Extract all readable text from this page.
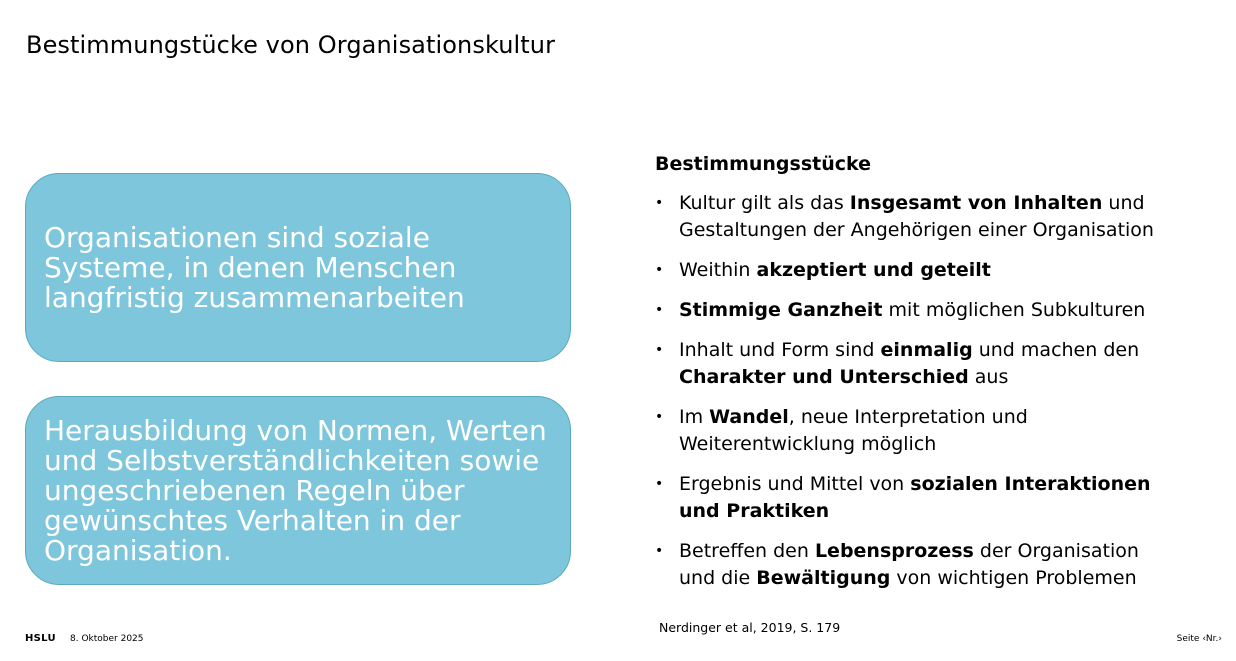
Bestimmungstücke von Organisationskultur
Organisationen sind soziale
Systeme, in denen Menschen
langfristig zusammenarbeiten
Herausbildung von Normen, Werten
und Selbstverständlichkeiten sowie
ungeschriebenen Regeln über
gewünschtes Verhalten in der
Organisation.
Bestimmungsstücke
• Kultur gilt als das Insgesamt von Inhalten und
Gestaltungen der Angehörigen einer Organisation
• Weithin akzeptiert und geteilt
• Stimmige Ganzheit mit möglichen Subkulturen
• Inhalt und Form sind einmalig und machen den
Charakter und Unterschied aus
• Im Wandel, neue Interpretation und
Weiterentwicklung möglich
• Ergebnis und Mittel von sozialen Interaktionen
und Praktiken
• Betreffen den Lebensprozess der Organisation
und die Bewältigung von wichtigen Problemen
Nerdinger et al, 2019, S. 179
HSLU 8. Oktober 2025	Seite ‹Nr.›
